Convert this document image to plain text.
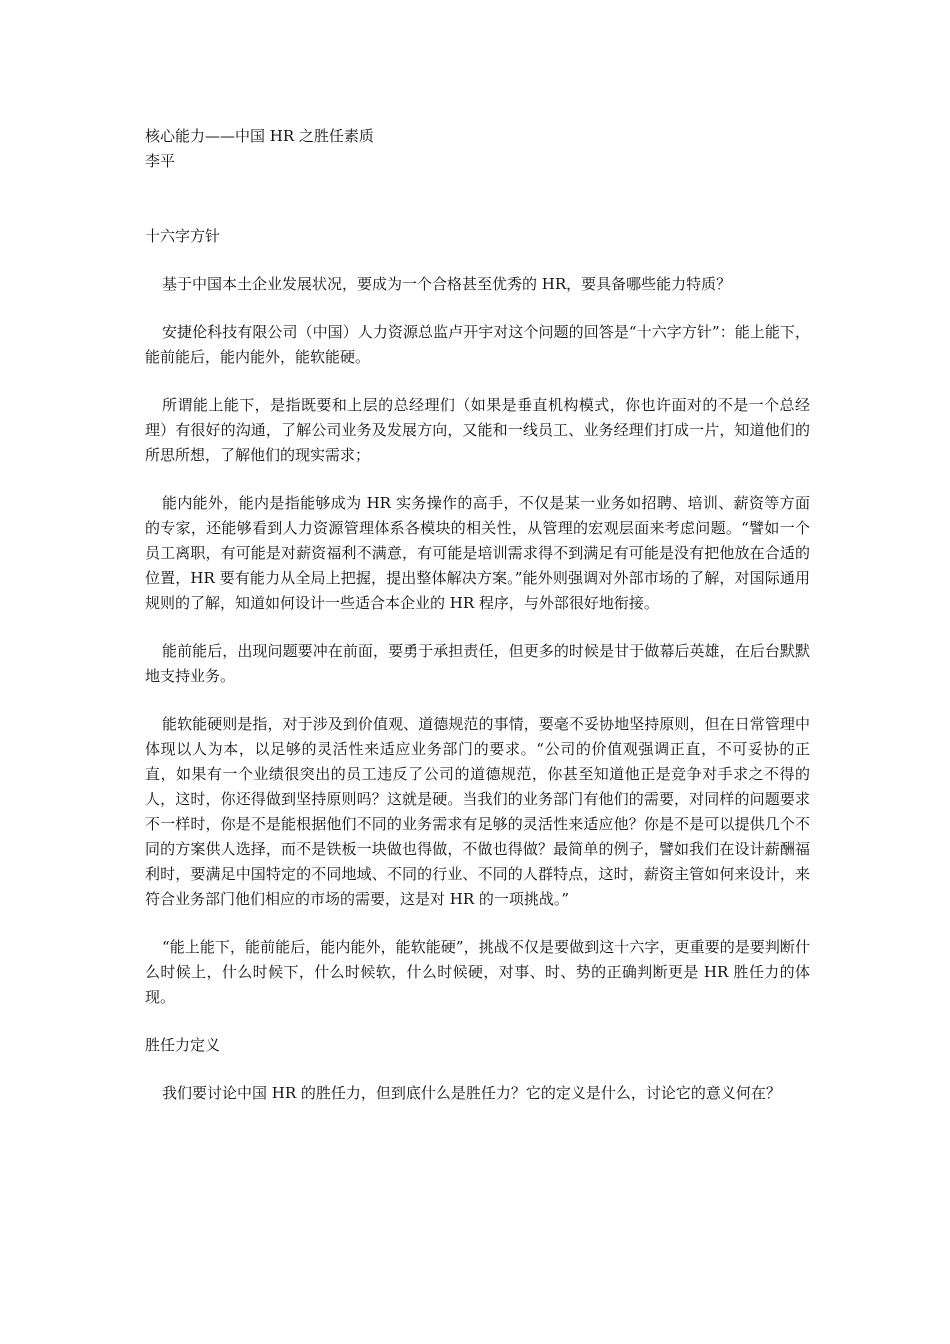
核心能力——中国 HR 之胜任素质
李平
十六字方针

基于中国本土企业发展状况，要成为一个合格甚至优秀的 HR，要具备哪些能力特质？

安捷伦科技有限公司（中国）人力资源总监卢开宇对这个问题的回答是“十六字方针”：能上能下，能前能后，能内能外，能软能硬。

所谓能上能下，是指既要和上层的总经理们（如果是垂直机构模式，你也许面对的不是一个总经理）有很好的沟通，了解公司业务及发展方向，又能和一线员工、业务经理们打成一片，知道他们的所思所想，了解他们的现实需求；

能内能外，能内是指能够成为 HR 实务操作的高手，不仅是某一业务如招聘、培训、薪资等方面的专家，还能够看到人力资源管理体系各模块的相关性，从管理的宏观层面来考虑问题。“譬如一个员工离职，有可能是对薪资福利不满意，有可能是培训需求得不到满足有可能是没有把他放在合适的位置，HR 要有能力从全局上把握，提出整体解决方案。”能外则强调对外部市场的了解，对国际通用规则的了解，知道如何设计一些适合本企业的 HR 程序，与外部很好地衔接。

能前能后，出现问题要冲在前面，要勇于承担责任，但更多的时候是甘于做幕后英雄，在后台默默地支持业务。

能软能硬则是指，对于涉及到价值观、道德规范的事情，要毫不妥协地坚持原则，但在日常管理中体现以人为本，以足够的灵活性来适应业务部门的要求。“公司的价值观强调正直，不可妥协的正直，如果有一个业绩很突出的员工违反了公司的道德规范，你甚至知道他正是竞争对手求之不得的人，这时，你还得做到坚持原则吗？这就是硬。当我们的业务部门有他们的需要，对同样的问题要求不一样时，你是不是能根据他们不同的业务需求有足够的灵活性来适应他？你是不是可以提供几个不同的方案供人选择，而不是铁板一块做也得做，不做也得做？最简单的例子，譬如我们在设计薪酬福利时，要满足中国特定的不同地域、不同的行业、不同的人群特点，这时，薪资主管如何来设计，来符合业务部门他们相应的市场的需要，这是对 HR 的一项挑战。”

“能上能下，能前能后，能内能外，能软能硬”，挑战不仅是要做到这十六字，更重要的是要判断什么时候上，什么时候下，什么时候软，什么时候硬，对事、时、势的正确判断更是 HR 胜任力的体现。

胜任力定义

我们要讨论中国 HR 的胜任力，但到底什么是胜任力？它的定义是什么，讨论它的意义何在？
